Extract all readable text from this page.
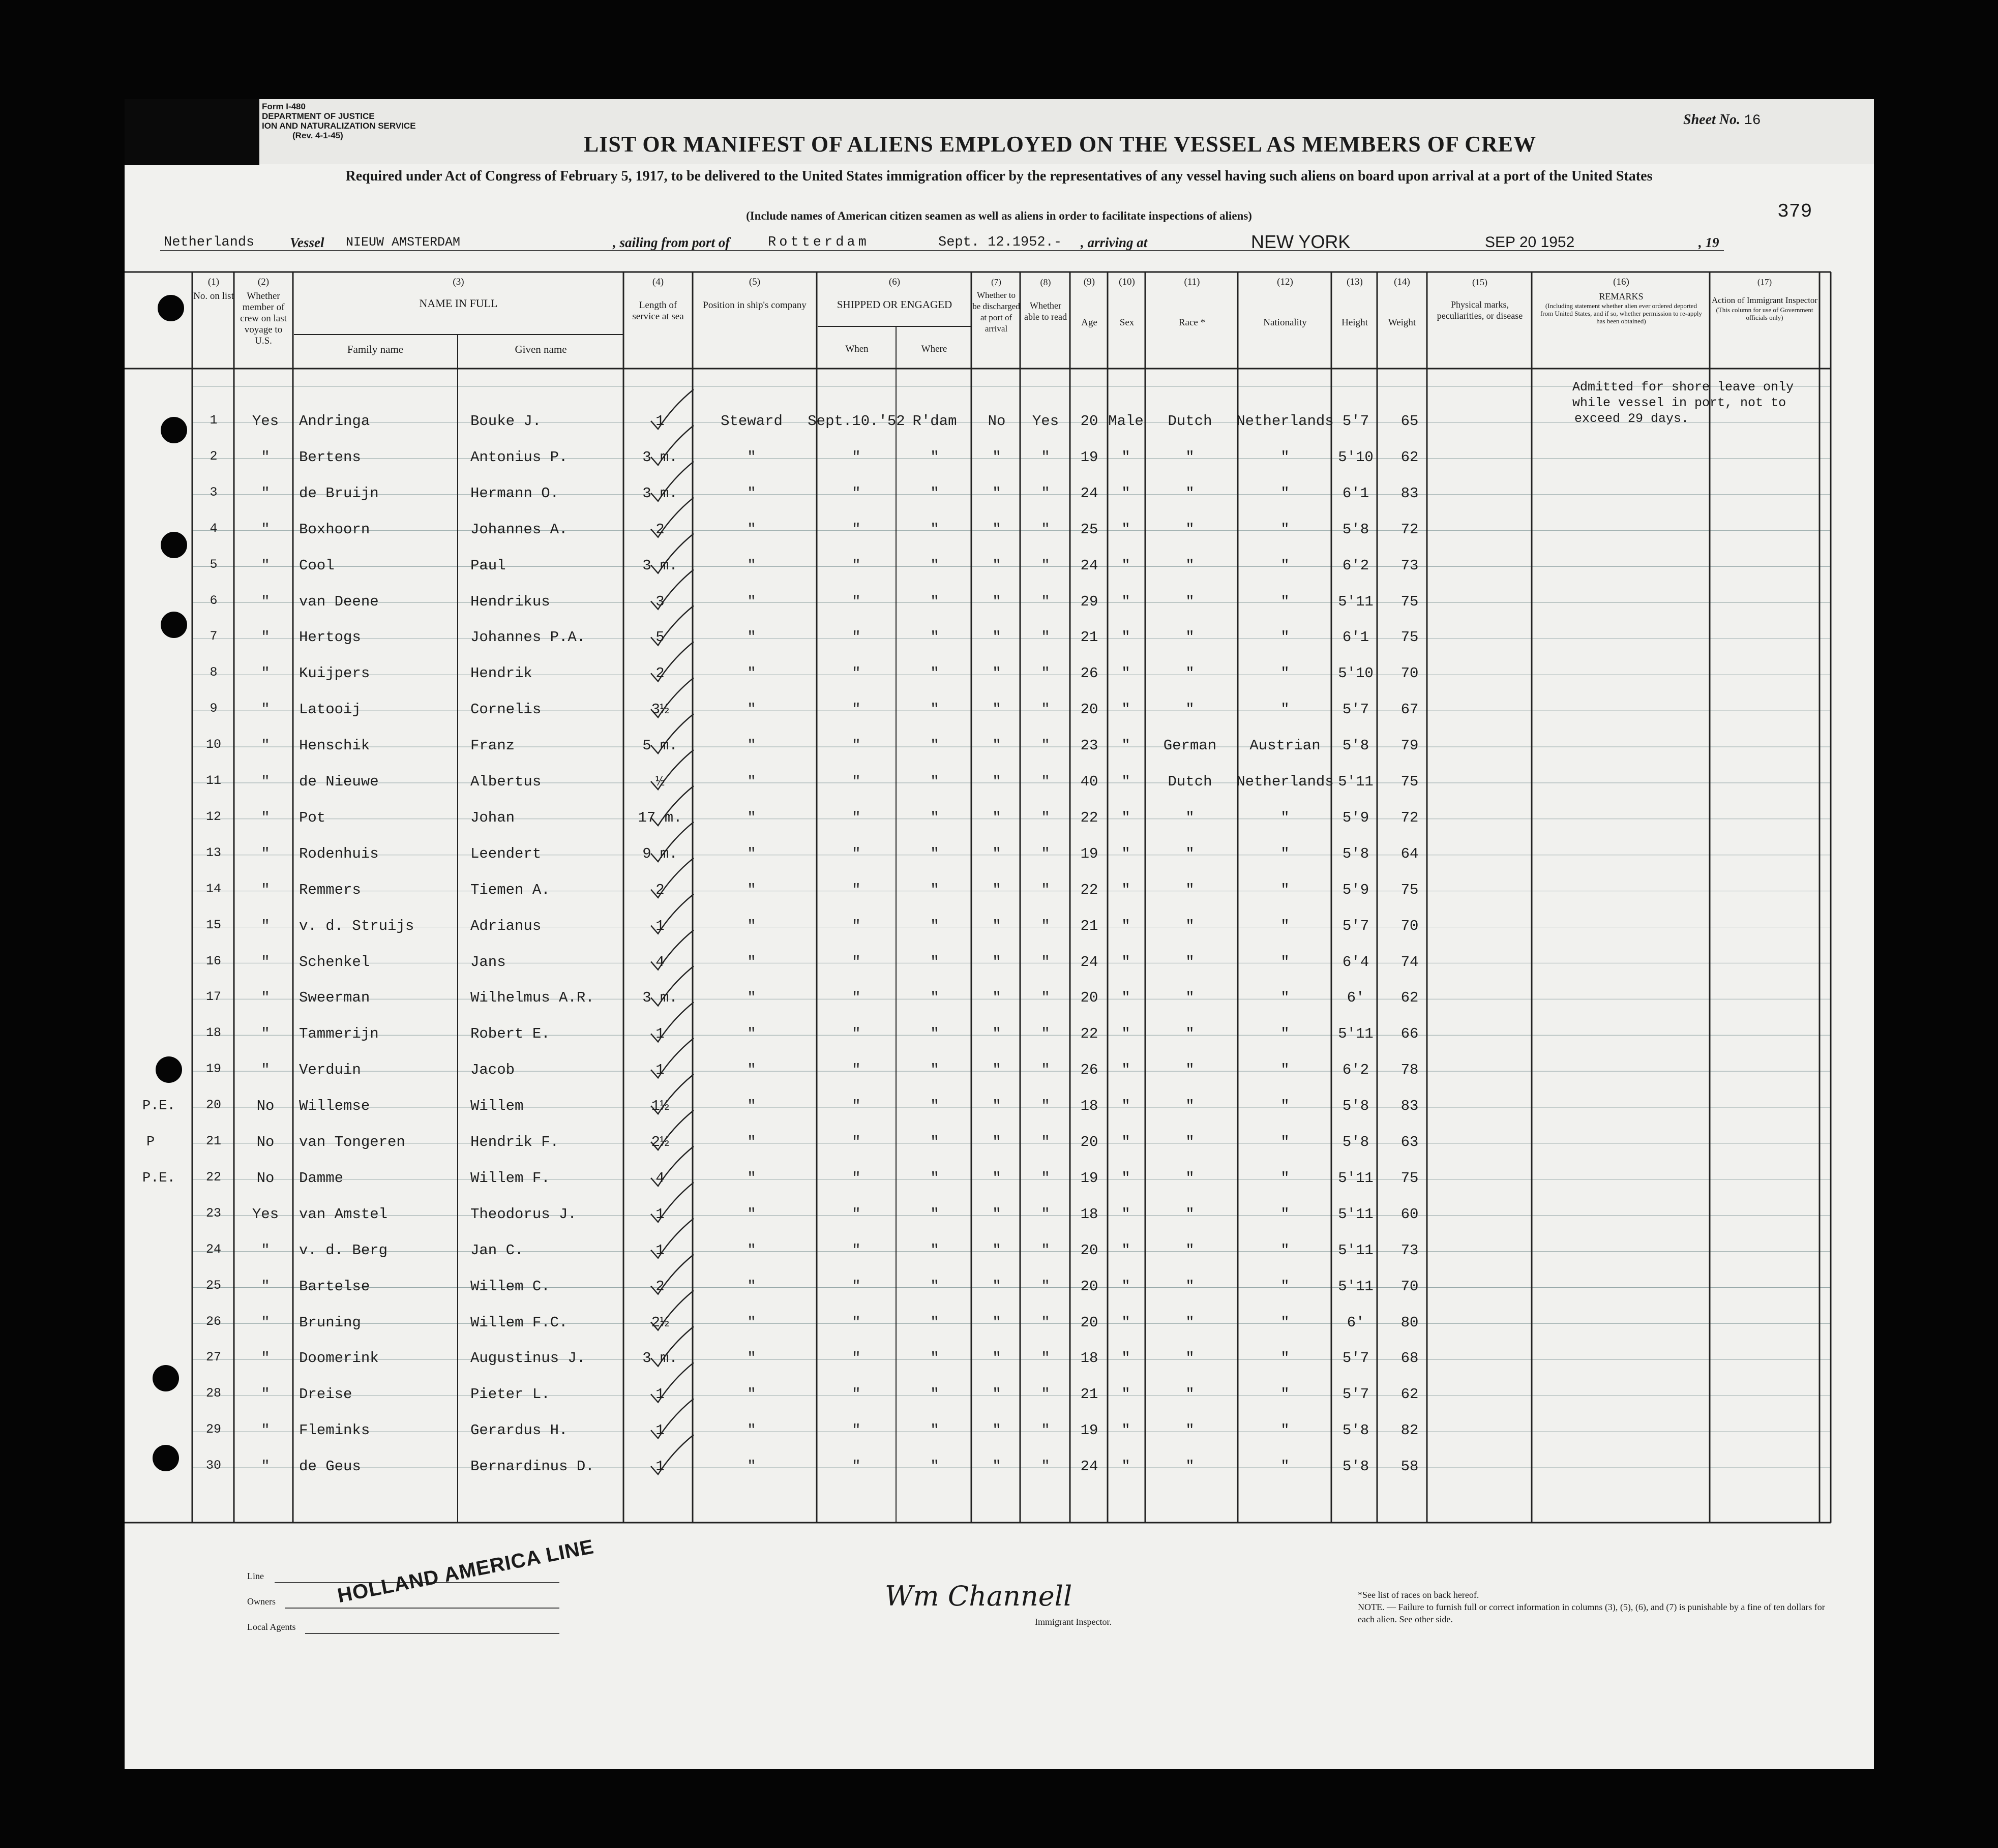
Form I-480
DEPARTMENT OF JUSTICE
ION AND NATURALIZATION SERVICE
(Rev. 4-1-45)	LIST OR MANIFEST OF ALIENS EMPLOYED ON THE VESSEL AS MEMBERS OF CREW
Sheet No. 16
Required under Act of Congress of February 5, 1917, to be delivered to the United States immigration officer by the representatives of any vessel having such aliens on board upon arrival at a port of the United States
(Include names of American citizen seamen as well as aliens in order to facilitate inspections of aliens)	379
Netherlands	Vessel NIEUW AMSTERDAM	, sailing from port of	Rotterdam	Sept. 12.1952.- , arriving at	NEW YORK	SEP 20 1952	, 19
(1)
No. on list
(2)
Whether member of crew on last voyage to U.S.
(3)
NAME IN FULL
Family name	Given name
(4)
Length of service at sea
(5)
Position in ship's company
(6)
SHIPPED OR ENGAGED
When	Where
(7)
Whether to be discharged at port of arrival
(8)
Whether able to read
(9)
Age
(10)
Sex
(11)
Race *
(12)
Nationality
(13)
Height
(14)
Weight
(15)
Physical marks, peculiarities, or disease
(16)
REMARKS
(Including statement whether alien ever ordered deported from United States, and if so, whether permission to re-apply has been obtained)
(17)
Action of Immigrant Inspector
(This column for use of Government officials only)
1	Yes	Andringa	Bouke J.	1	Steward	Sept.10.'52 R'dam	No	Yes	20 Male	Dutch	Netherlands 5'7	65
2	"	Bertens	Antonius P.	3 m.	"	"	"	"	"	19	"	"	"	5'10	62
3	"	de Bruijn	Hermann O.	3 m.	"	"	"	"	"	24	"	"	"	6'1	83
4	"	Boxhoorn	Johannes A.	2	"	"	"	"	"	25	"	"	"	5'8	72
5	"	Cool	Paul	3 m.	"	"	"	"	"	24	"	"	"	6'2	73
6	"	van Deene	Hendrikus	3	"	"	"	"	"	29	"	"	"	5'11	75
7	"	Hertogs	Johannes P.A.	5	"	"	"	"	"	21	"	"	"	6'1	75
8	"	Kuijpers	Hendrik	2	"	"	"	"	"	26	"	"	"	5'10	70
9	"	Latooij	Cornelis	3½	"	"	"	"	"	20	"	"	"	5'7	67
10	"	Henschik	Franz	5 m.	"	"	"	"	"	23	"	German	Austrian	5'8	79
11	"	de Nieuwe	Albertus	½	"	"	"	"	"	40	"	Dutch	Netherlands 5'11	75
12	"	Pot	Johan	17 m.	"	"	"	"	"	22	"	"	"	5'9	72
13	"	Rodenhuis	Leendert	9 m.	"	"	"	"	"	19	"	"	"	5'8	64
14	"	Remmers	Tiemen A.	2	"	"	"	"	"	22	"	"	"	5'9	75
15	"	v. d. Struijs	Adrianus	1	"	"	"	"	"	21	"	"	"	5'7	70
16	"	Schenkel	Jans	4	"	"	"	"	"	24	"	"	"	6'4	74
17	"	Sweerman	Wilhelmus A.R.	3 m.	"	"	"	"	"	20	"	"	"	6'	62
18	"	Tammerijn	Robert E.	1	"	"	"	"	"	22	"	"	"	5'11	66
19	"	Verduin	Jacob	1	"	"	"	"	"	26	"	"	"	6'2	78
20	No	Willemse	Willem	1½	"	"	"	"	"	18	"	"	"	5'8	83
P.E.
21	No	van Tongeren	Hendrik F.	2½	"	"	"	"	"	20	"	"	"	5'8	63
P
22	No	Damme	Willem F.	4	"	"	"	"	"	19	"	"	"	5'11	75
P.E.
23	Yes	van Amstel	Theodorus J.	1	"	"	"	"	"	18	"	"	"	5'11	60
24	"	v. d. Berg	Jan C.	1	"	"	"	"	"	20	"	"	"	5'11	73
25	"	Bartelse	Willem C.	2	"	"	"	"	"	20	"	"	"	5'11	70
26	"	Bruning	Willem F.C.	2½	"	"	"	"	"	20	"	"	"	6'	80
27	"	Doomerink	Augustinus J.	3 m.	"	"	"	"	"	18	"	"	"	5'7	68
28	"	Dreise	Pieter L.	1	"	"	"	"	"	21	"	"	"	5'7	62
29	"	Fleminks	Gerardus H.	1	"	"	"	"	"	19	"	"	"	5'8	82
30	"	de Geus	Bernardinus D.	1	"	"	"	"	"	24	"	"	"	5'8	58
Admitted for shore leave only
while vessel in port, not to
exceed 29 days.
Line
Owners
Local Agents
HOLLAND AMERICA LINE	Wm Channell
Immigrant Inspector.
*See list of races on back hereof.
NOTE. — Failure to furnish full or correct information in columns (3), (5), (6), and (7) is punishable by a fine of ten dollars for each alien. See other side.
